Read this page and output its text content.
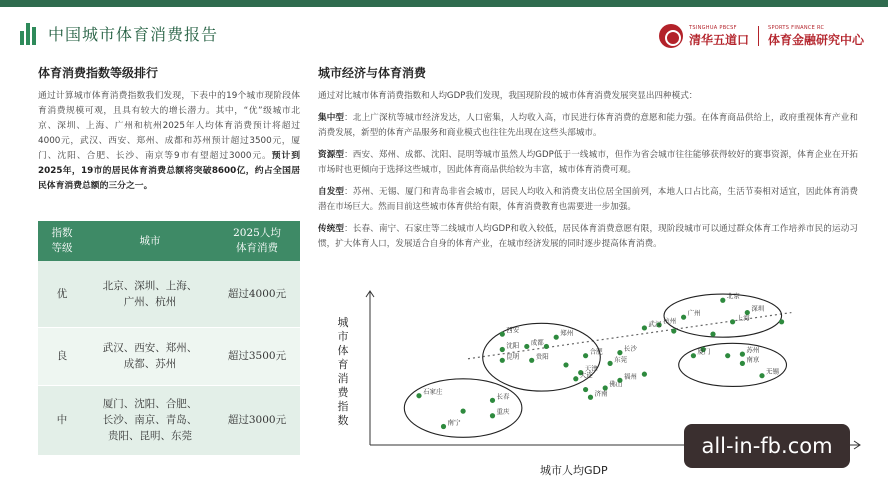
中国城市体育消费报告	TSINGHUA PBCSF
清华五道口
SPORTS FINANCE RC
体育金融研究中心
体育消费指数等级排行

通过计算城市体育消费指数我们发现，下表中的19个城市现阶段体育消费规模可观，且具有较大的增长潜力。其中，“优”级城市北京、深圳、上海、广州和杭州2025年人均体育消费预计将超过4000元，武汉、西安、郑州、成都和苏州预计超过3500元，厦门、沈阳、合肥、长沙、南京等9市有望超过3000元。预计到2025年，19市的居民体育消费总额将突破8600亿，约占全国居民体育消费总额的三分之一。

指数
等级	城市	2025人均
体育消费
优	北京、深圳、上海、
广州、杭州	超过4000元
良	武汉、西安、郑州、
成都、苏州	超过3500元
中	厦门、沈阳、合肥、
长沙、南京、青岛、
贵阳、昆明、东莞	超过3000元
城市经济与体育消费

通过对比城市体育消费指数和人均GDP我们发现，我国现阶段的城市体育消费发展突显出四种模式：

集中型：北上广深杭等城市经济发达，人口密集，人均收入高，市民进行体育消费的意愿和能力强。在体育商品供给上，政府重视体育产业和消费发展，新型的体育产品服务和商业模式也往往先出现在这些头部城市。

资源型：西安、郑州、成都、沈阳、昆明等城市虽然人均GDP低于一线城市，但作为省会城市往往能够获得较好的赛事资源，体育企业在开拓市场时也更倾向于选择这些城市，因此体育商品供给较为丰富，城市体育消费可观。

自发型：苏州、无锡、厦门和青岛非省会城市，居民人均收入和消费支出位居全国前列，本地人口占比高，生活节奏相对适宜，因此体育消费潜在市场巨大。然而目前这些城市体育供给有限，体育消费教育也需要进一步加强。

传统型：长春、南宁、石家庄等二线城市人均GDP和收入较低，居民体育消费意愿有限，现阶段城市可以通过群众体育工作培养市民的运动习惯，扩大体育人口，发展适合自身的体育产业，在城市经济发展的同时逐步提高体育消费。

城市体育消费指数
北京
深圳
上海
广州
杭州
武汉
西安	郑州
成都
沈阳
昆明	贵阳
合肥	长沙
东莞
天津
大连	福州
佛山
济南
厦门	苏州
南京
无锡
石家庄
长春
重庆
南宁
城市人均GDP
all-in-fb.com
